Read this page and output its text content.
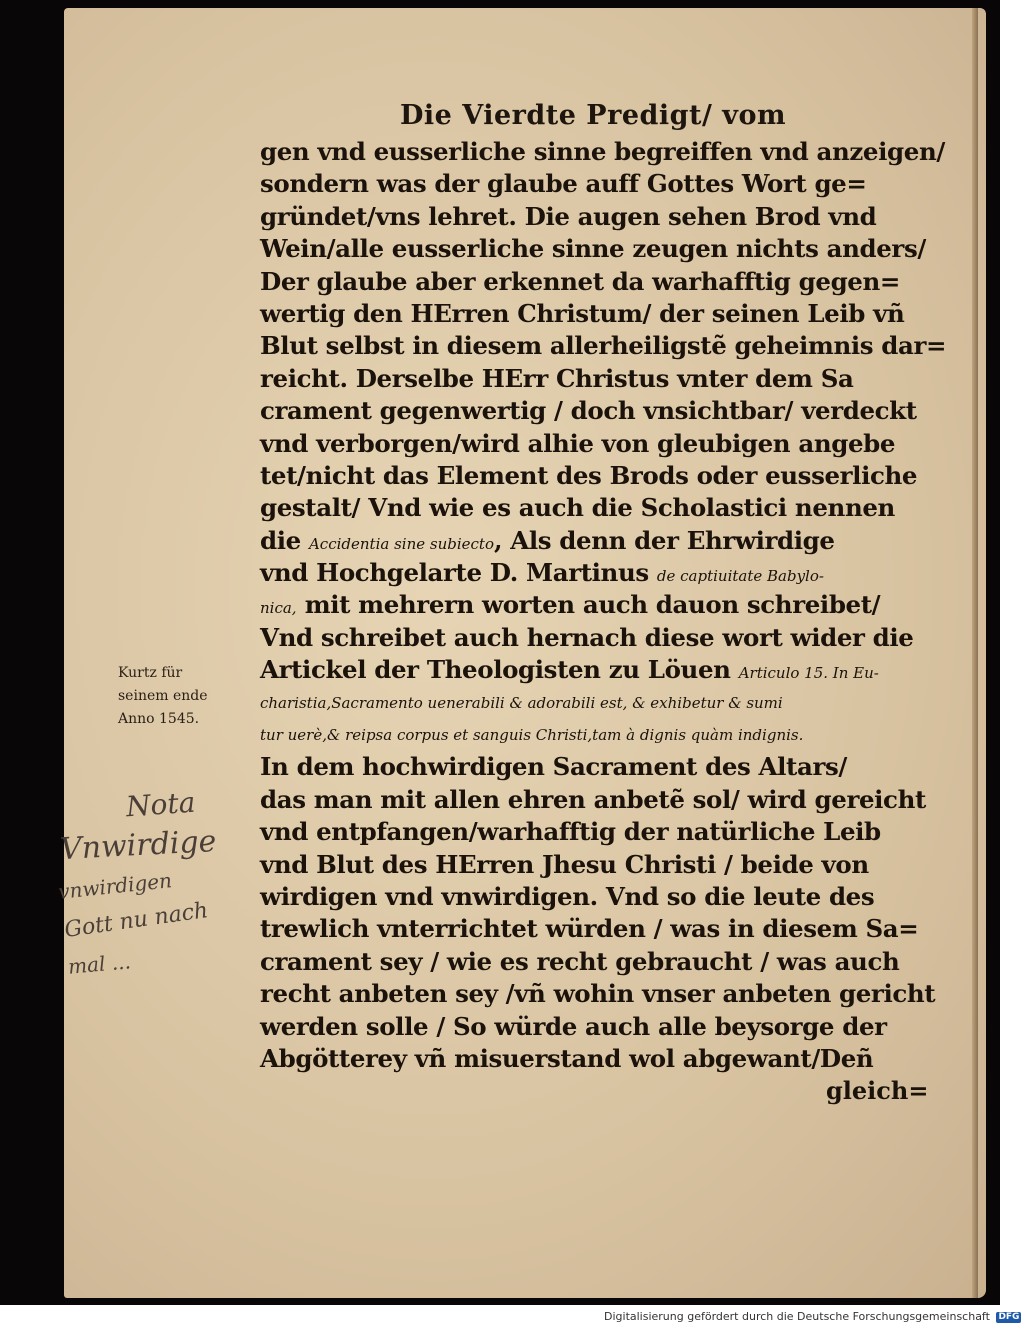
Die Vierdte Predigt/ vom
gen vnd eusserliche sinne begreiffen vnd anzeigen/
sondern was der glaube auff Gottes Wort ge=
gründet/vns lehret. Die augen sehen Brod vnd
Wein/alle eusserliche sinne zeugen nichts anders/
Der glaube aber erkennet da warhafftig gegen=
wertig den HErren Christum/ der seinen Leib vñ
Blut selbst in diesem allerheiligstẽ geheimnis dar=
reicht. Derselbe HErr Christus vnter dem Sa
crament gegenwertig / doch vnsichtbar/ verdeckt
vnd verborgen/wird alhie von gleubigen angebe
tet/nicht das Element des Brods oder eusserliche
gestalt/ Vnd wie es auch die Scholastici nennen
die Accidentia sine subiecto, Als denn der Ehrwirdige
vnd Hochgelarte D. Martinus de captiuitate Babylo-
nica, mit mehrern worten auch dauon schreibet/
Vnd schreibet auch hernach diese wort wider die
Artickel der Theologisten zu Löuen Articulo 15. In Eu-
charistia,Sacramento uenerabili & adorabili est, & exhibetur & sumi
tur uerè,& reipsa corpus et sanguis Christi,tam à dignis quàm indignis.
In dem hochwirdigen Sacrament des Altars/
das man mit allen ehren anbetẽ sol/ wird gereicht
vnd entpfangen/warhafftig der natürliche Leib
vnd Blut des HErren Jhesu Christi / beide von
wirdigen vnd vnwirdigen. Vnd so die leute des
trewlich vnterrichtet würden / was in diesem Sa=
crament sey / wie es recht gebraucht / was auch
recht anbeten sey /vñ wohin vnser anbeten gericht
werden solle / So würde auch alle beysorge der
Abgötterey vñ misuerstand wol abgewant/Deñ
gleich=
Kurtz für
seinem ende
Anno 1545.
Nota
Vnwirdige
vnwirdigen
Gott nu nach
mal ...
Digitalisierung gefördert durch die Deutsche Forschungsgemeinschaft DFG
